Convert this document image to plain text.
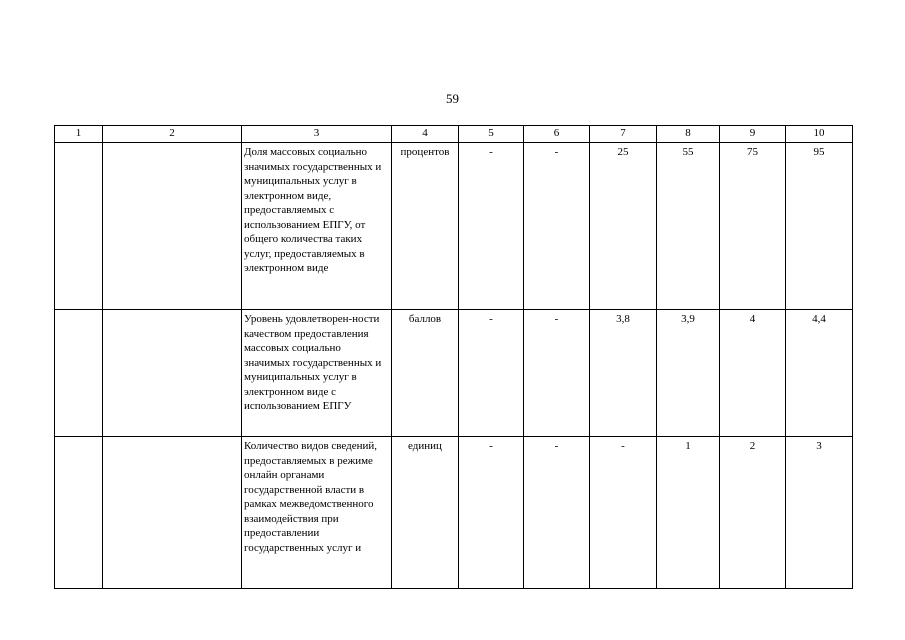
59
1	2	3	4	5	6	7	8	9	10
		Доля массовых социально значимых государственных и муниципальных услуг в электронном виде, предоставляемых с использованием ЕПГУ, от общего количества таких услуг, предоставляемых в электронном виде	процентов	-	-	25	55	75	95
		Уровень удовлетворен-ности качеством предоставления массовых социально значимых государственных и муниципальных услуг в электронном виде с использованием ЕПГУ	баллов	-	-	3,8	3,9	4	4,4
		Количество видов сведений, предоставляемых в режиме онлайн органами государственной власти в рамках межведомственного взаимодействия при предоставлении государственных услуг и	единиц	-	-	-	1	2	3
